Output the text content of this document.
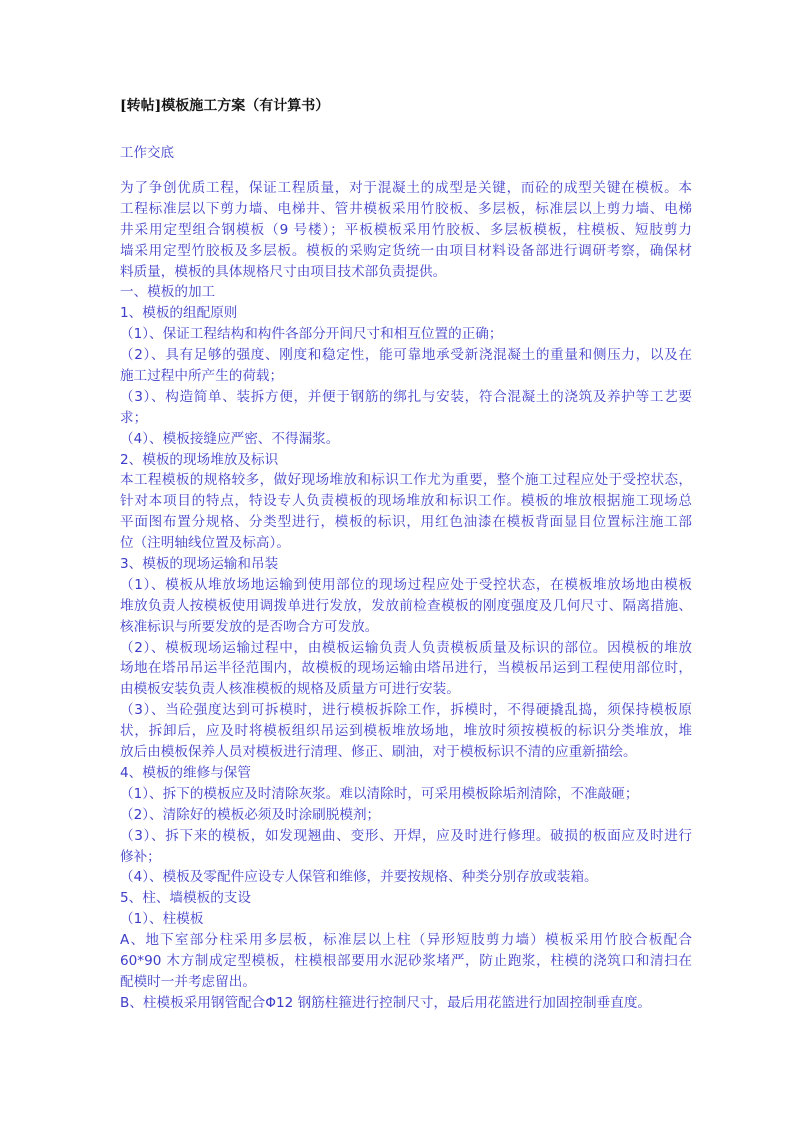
[转帖]模板施工方案（有计算书）
工作交底
为了争创优质工程，保证工程质量，对于混凝土的成型是关键，而砼的成型关键在模板。本
工程标准层以下剪力墙、电梯井、管井模板采用竹胶板、多层板，标准层以上剪力墙、电梯
井采用定型组合钢模板（9 号楼）；平板模板采用竹胶板、多层板模板，柱模板、短肢剪力
墙采用定型竹胶板及多层板。模板的采购定货统一由项目材料设备部进行调研考察，确保材
料质量，模板的具体规格尺寸由项目技术部负责提供。
一、模板的加工
1、模板的组配原则
（1）、保证工程结构和构件各部分开间尺寸和相互位置的正确；
（2）、具有足够的强度、刚度和稳定性，能可靠地承受新浇混凝土的重量和侧压力，以及在
施工过程中所产生的荷载；
（3）、构造简单、装拆方便，并便于钢筋的绑扎与安装，符合混凝土的浇筑及养护等工艺要
求；
（4）、模板接缝应严密、不得漏浆。
2、模板的现场堆放及标识
本工程模板的规格较多，做好现场堆放和标识工作尤为重要，整个施工过程应处于受控状态，
针对本项目的特点，特设专人负责模板的现场堆放和标识工作。模板的堆放根据施工现场总
平面图布置分规格、分类型进行，模板的标识，用红色油漆在模板背面显目位置标注施工部
位（注明轴线位置及标高）。
3、模板的现场运输和吊装
（1）、模板从堆放场地运输到使用部位的现场过程应处于受控状态，在模板堆放场地由模板
堆放负责人按模板使用调拨单进行发放，发放前检查模板的刚度强度及几何尺寸、隔离措施、
核准标识与所要发放的是否吻合方可发放。
（2）、模板现场运输过程中，由模板运输负责人负责模板质量及标识的部位。因模板的堆放
场地在塔吊吊运半径范围内，故模板的现场运输由塔吊进行，当模板吊运到工程使用部位时，
由模板安装负责人核准模板的规格及质量方可进行安装。
（3）、当砼强度达到可拆模时，进行模板拆除工作，拆模时，不得硬撬乱捣，须保持模板原
状，拆卸后，应及时将模板组织吊运到模板堆放场地，堆放时须按模板的标识分类堆放，堆
放后由模板保养人员对模板进行清理、修正、刷油，对于模板标识不清的应重新描绘。
4、模板的维修与保管
（1）、拆下的模板应及时清除灰浆。难以清除时，可采用模板除垢剂清除，不准敲砸；
（2）、清除好的模板必须及时涂刷脱模剂；
（3）、拆下来的模板，如发现翘曲、变形、开焊，应及时进行修理。破损的板面应及时进行
修补；
（4）、模板及零配件应设专人保管和维修，并要按规格、种类分别存放或装箱。
5、柱、墙模板的支设
（1）、柱模板
A、地下室部分柱采用多层板，标准层以上柱（异形短肢剪力墙）模板采用竹胶合板配合
60*90 木方制成定型模板，柱模根部要用水泥砂浆堵严，防止跑浆，柱模的浇筑口和清扫在
配模时一并考虑留出。
B、柱模板采用钢管配合Φ12 钢筋柱箍进行控制尺寸，最后用花篮进行加固控制垂直度。
